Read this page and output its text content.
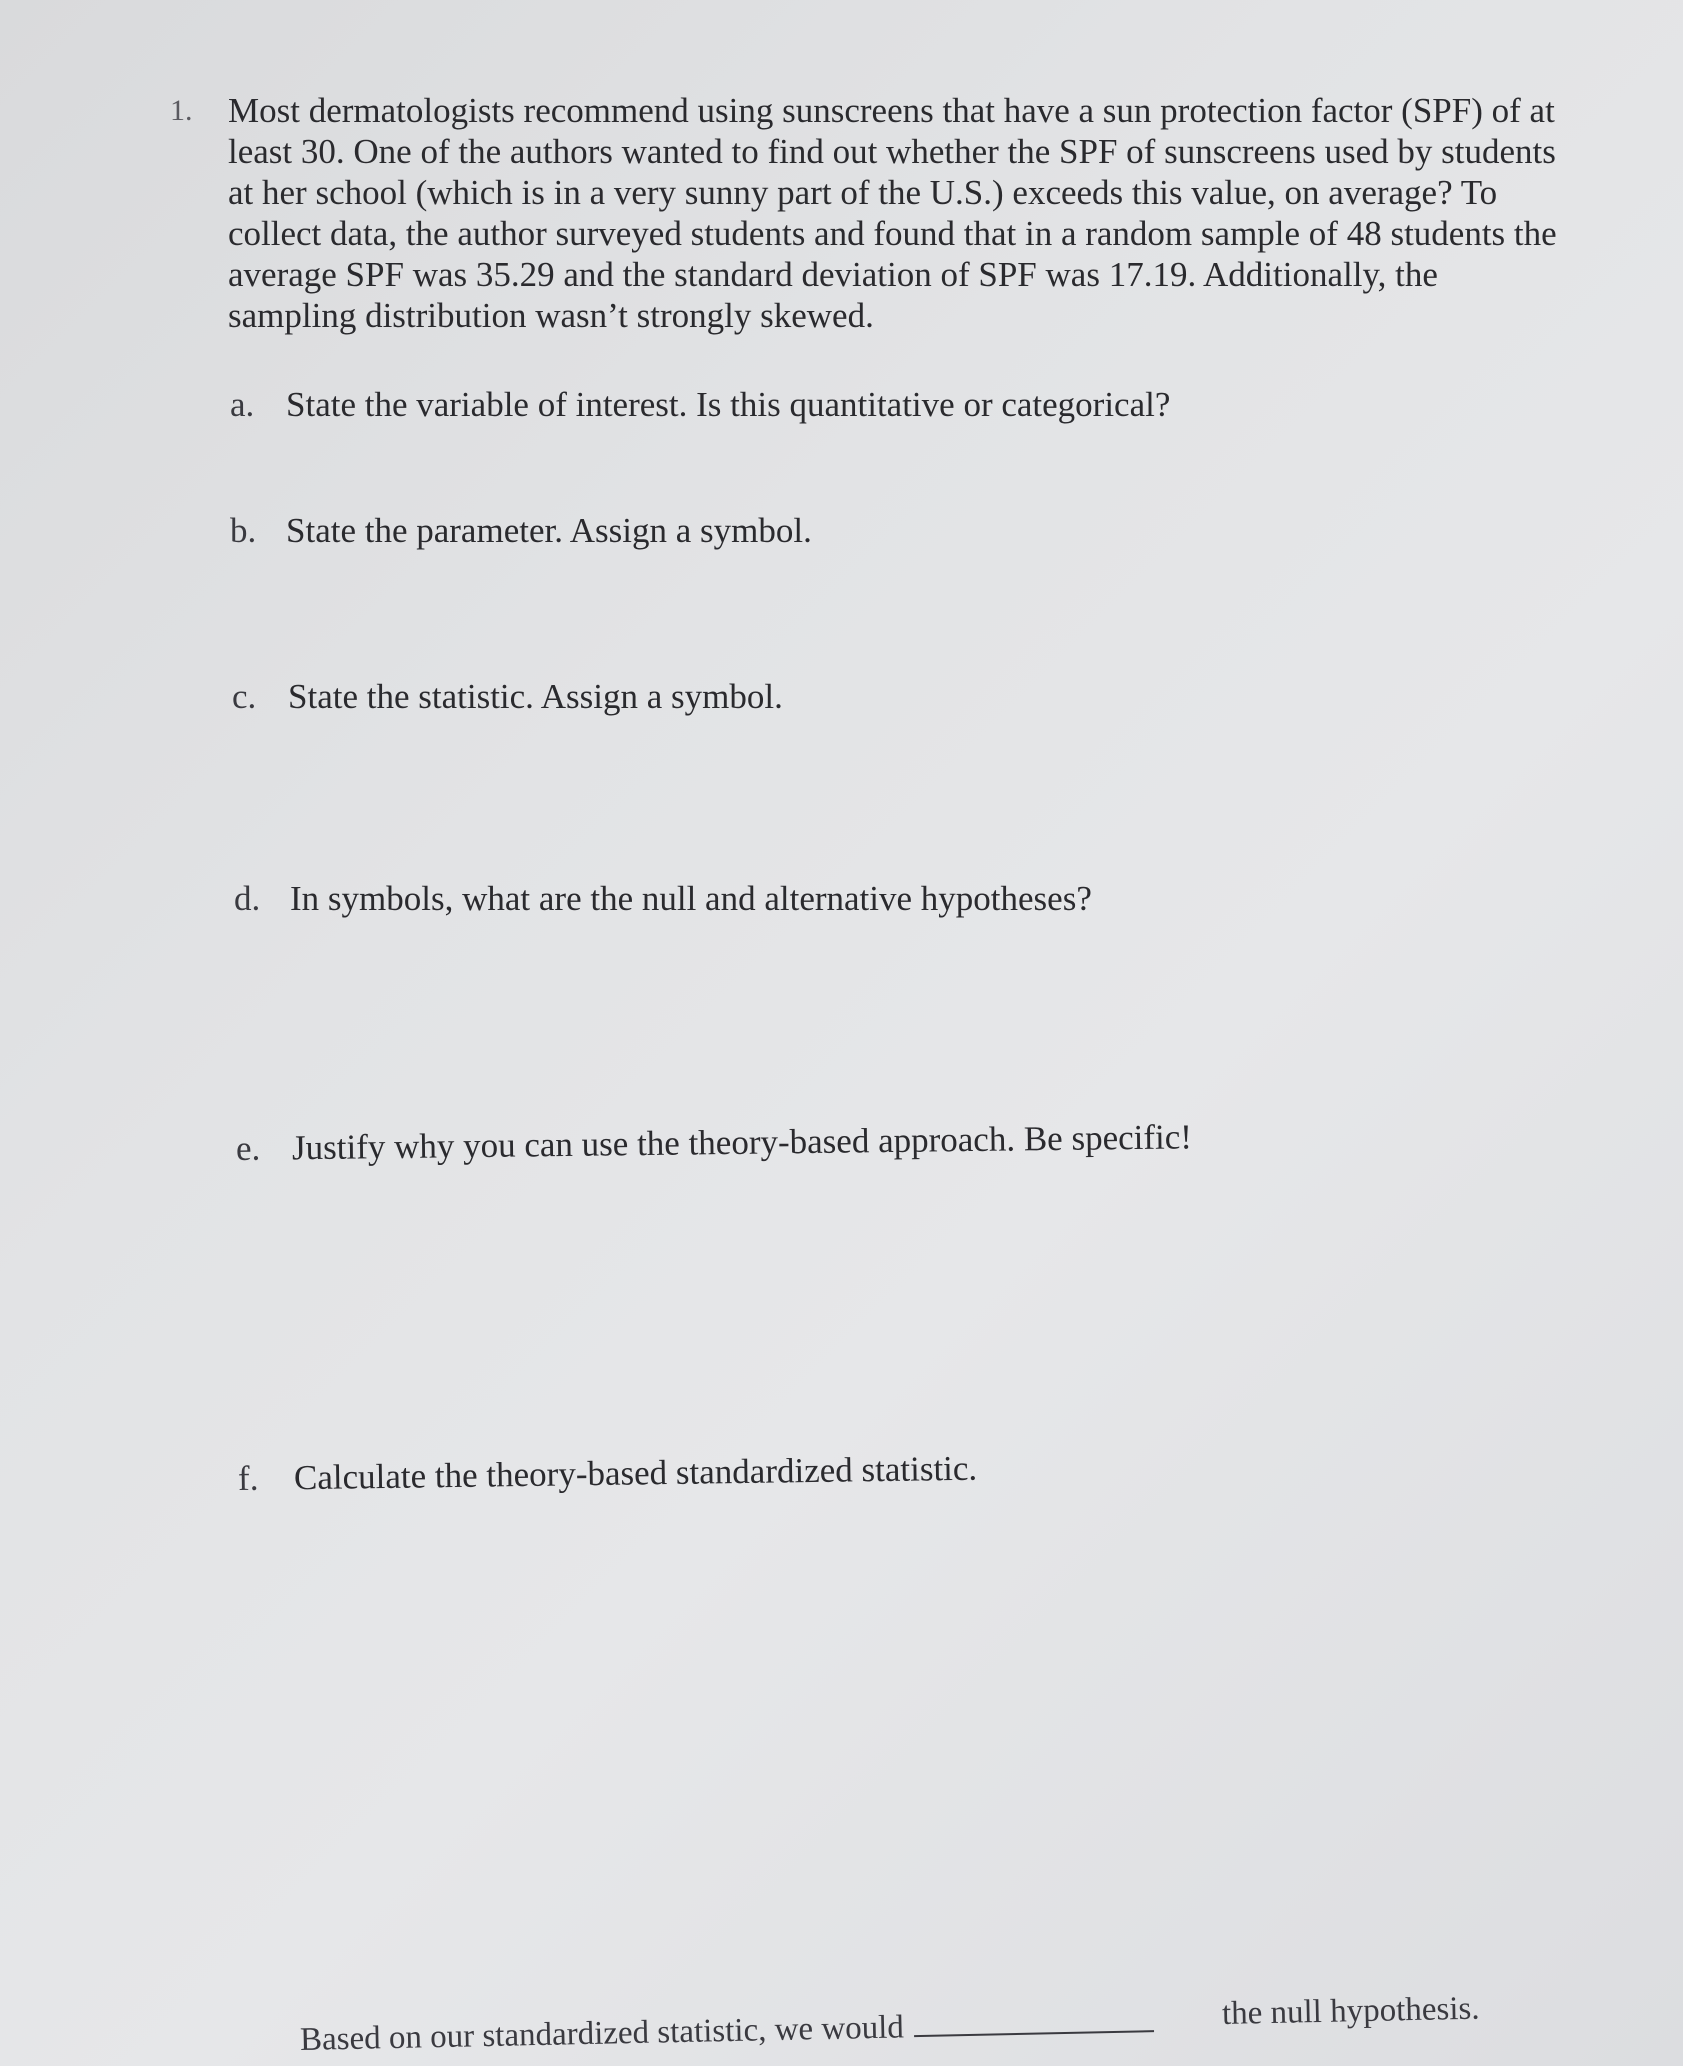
1. Most dermatologists recommend using sunscreens that have a sun protection factor (SPF) of at least 30. One of the authors wanted to find out whether the SPF of sunscreens used by students at her school (which is in a very sunny part of the U.S.) exceeds this value, on average? To collect data, the author surveyed students and found that in a random sample of 48 students the average SPF was 35.29 and the standard deviation of SPF was 17.19. Additionally, the sampling distribution wasn’t strongly skewed.
a. State the variable of interest. Is this quantitative or categorical?
b. State the parameter. Assign a symbol.
c. State the statistic. Assign a symbol.
d. In symbols, what are the null and alternative hypotheses?
e. Justify why you can use the theory-based approach. Be specific!
f. Calculate the theory-based standardized statistic.
Based on our standardized statistic, we would	the null hypothesis.
